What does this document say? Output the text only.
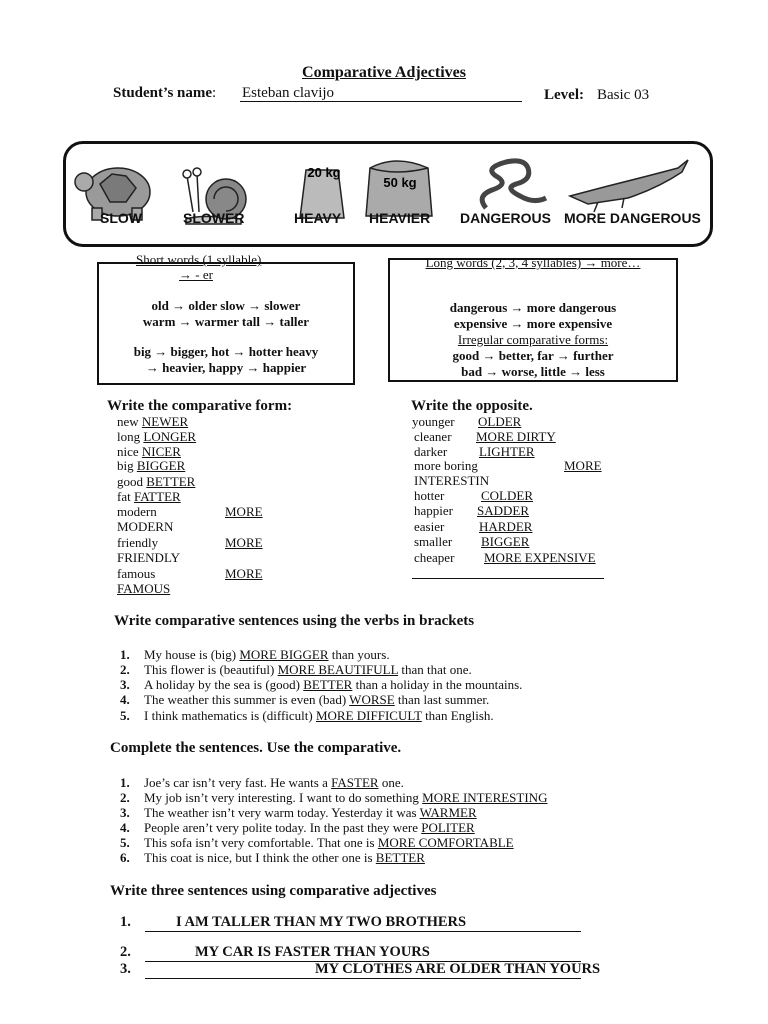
Comparative Adjectives
Student’s name: Esteban clavijo	Level: Basic 03
20 kg
50 kg
SLOW	SLOWER	HEAVY HEAVIER DANGEROUS MORE DANGEROUS
Short words (1 syllable)
→ - er
old → older slow → slower
warm → warmer tall → taller
big → bigger, hot → hotter heavy
→ heavier, happy → happier
Long words (2, 3, 4 syllables) → more…
dangerous → more dangerous
expensive → more expensive
Irregular comparative forms:
good → better, far → further
bad → worse, little → less
Write the comparative form:
new NEWER
long LONGER
nice NICER
big BIGGER
good BETTER
fat FATTER
modern	MORE
MODERN
friendly	MORE
FRIENDLY
famous	MORE
FAMOUS
Write the opposite.
younger OLDER
cleaner MORE DIRTY
darker LIGHTER
more boring	MORE
INTERESTIN
hotter	COLDER
happier SADDER
easier	HARDER
smaller BIGGER
cheaper MORE EXPENSIVE
Write comparative sentences using the verbs in brackets
1. My house is (big) MORE BIGGER than yours.
2. This flower is (beautiful) MORE BEAUTIFULL than that one.
3. A holiday by the sea is (good) BETTER than a holiday in the mountains.
4. The weather this summer is even (bad) WORSE than last summer.
5. I think mathematics is (difficult) MORE DIFFICULT than English.
Complete the sentences. Use the comparative.
1. Joe’s car isn’t very fast. He wants a FASTER one.
2. My job isn’t very interesting. I want to do something MORE INTERESTING
3. The weather isn’t very warm today. Yesterday it was WARMER
4. People aren’t very polite today. In the past they were POLITER
5. This sofa isn’t very comfortable. That one is MORE COMFORTABLE
6. This coat is nice, but I think the other one is BETTER
Write three sentences using comparative adjectives
1.	I AM TALLER THAN MY TWO BROTHERS
2.	MY CAR IS FASTER THAN YOURS
3.	MY CLOTHES ARE OLDER THAN YOURS
